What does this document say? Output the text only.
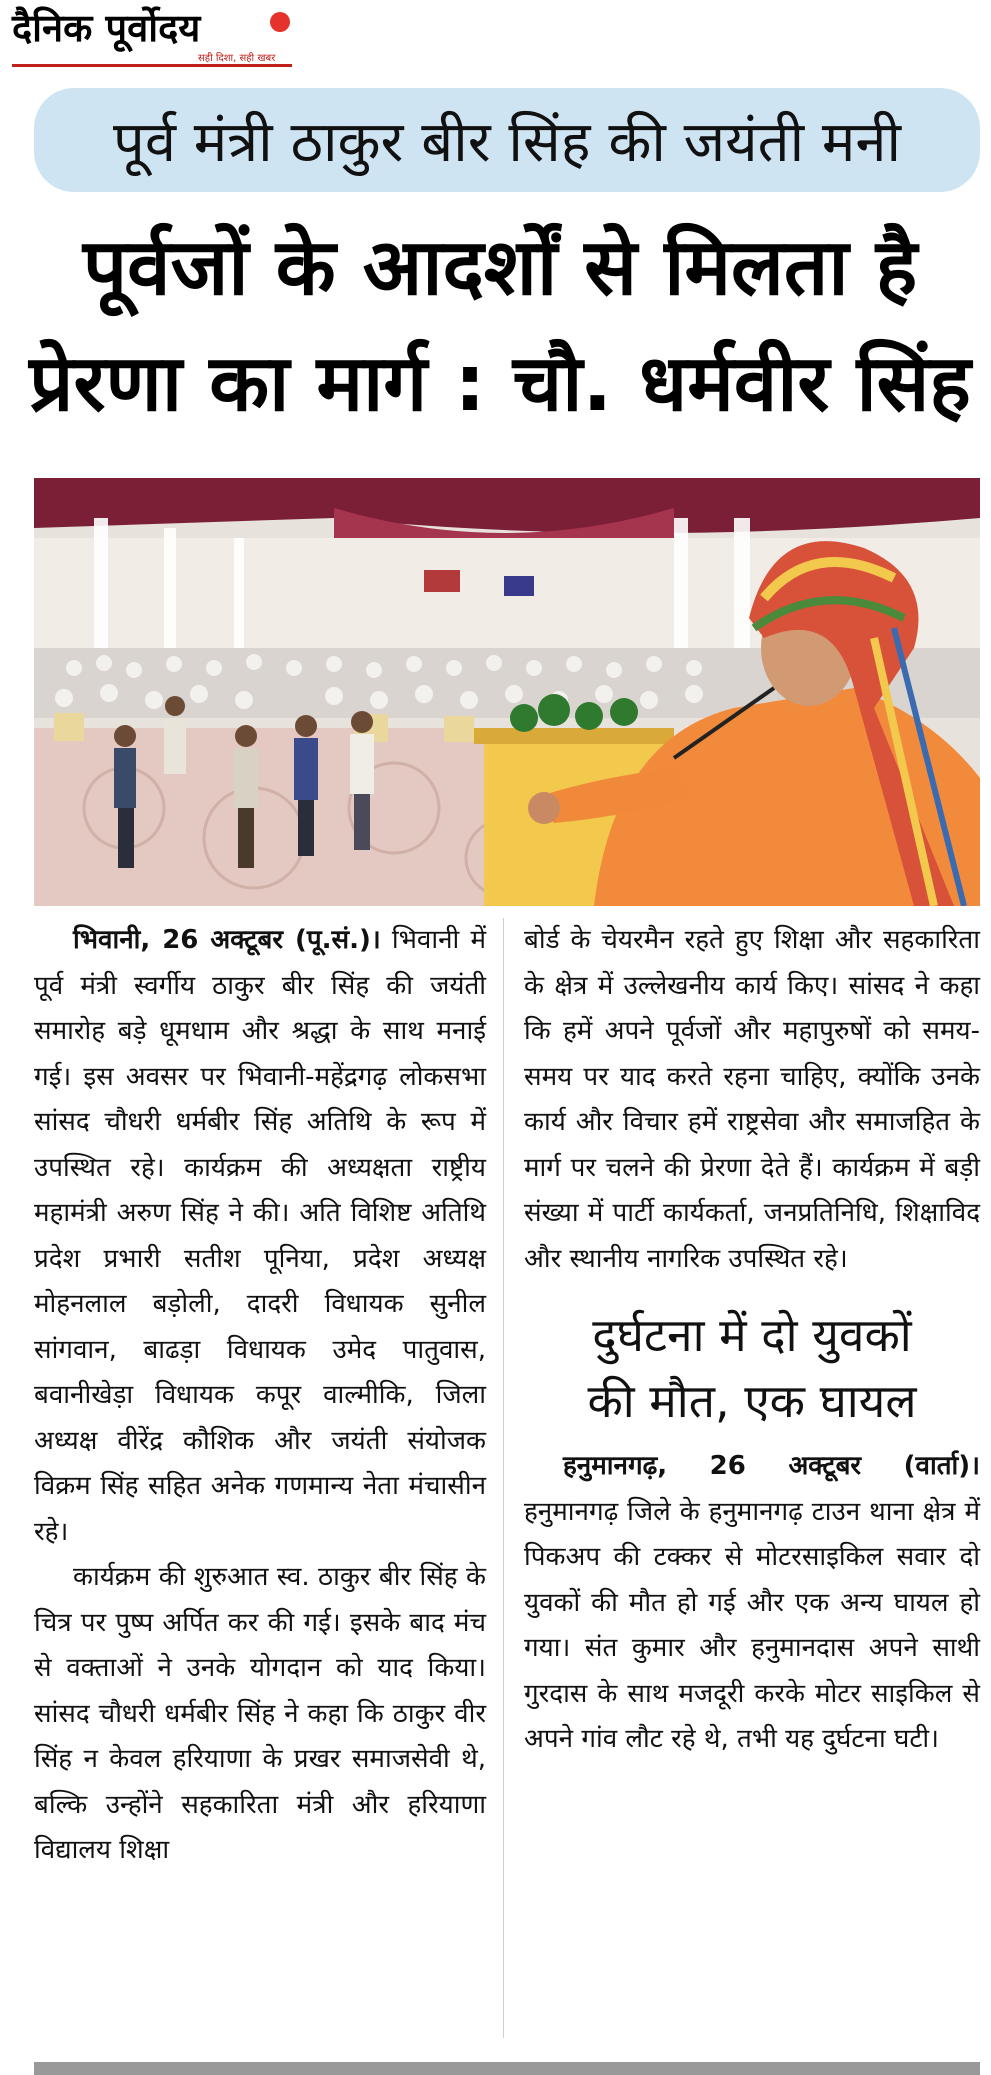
दैनिक पूर्वोदय
सही दिशा, सही खबर
पूर्व मंत्री ठाकुर बीर सिंह की जयंती मनी
पूर्वजों के आदर्शों से मिलता है
प्रेरणा का मार्ग : चौ. धर्मवीर सिंह

भिवानी, 26 अक्टूबर (पू.सं.)। भिवानी में पूर्व मंत्री स्वर्गीय ठाकुर बीर सिंह की जयंती समारोह बड़े धूमधाम और श्रद्धा के साथ मनाई गई। इस अवसर पर भिवानी-महेंद्रगढ़ लोकसभा सांसद चौधरी धर्मबीर सिंह अतिथि के रूप में उपस्थित रहे। कार्यक्रम की अध्यक्षता राष्ट्रीय महामंत्री अरुण सिंह ने की। अति विशिष्ट अतिथि प्रदेश प्रभारी सतीश पूनिया, प्रदेश अध्यक्ष मोहनलाल बड़ोली, दादरी विधायक सुनील सांगवान, बाढड़ा विधायक उमेद पातुवास, बवानीखेड़ा विधायक कपूर वाल्मीकि, जिला अध्यक्ष वीरेंद्र कौशिक और जयंती संयोजक विक्रम सिंह सहित अनेक गणमान्य नेता मंचासीन रहे।

कार्यक्रम की शुरुआत स्व. ठाकुर बीर सिंह के चित्र पर पुष्प अर्पित कर की गई। इसके बाद मंच से वक्ताओं ने उनके योगदान को याद किया। सांसद चौधरी धर्मबीर सिंह ने कहा कि ठाकुर वीर सिंह न केवल हरियाणा के प्रखर समाजसेवी थे, बल्कि उन्होंने सहकारिता मंत्री और हरियाणा विद्यालय शिक्षा

बोर्ड के चेयरमैन रहते हुए शिक्षा और सहकारिता के क्षेत्र में उल्लेखनीय कार्य किए। सांसद ने कहा कि हमें अपने पूर्वजों और महापुरुषों को समय-समय पर याद करते रहना चाहिए, क्योंकि उनके कार्य और विचार हमें राष्ट्रसेवा और समाजहित के मार्ग पर चलने की प्रेरणा देते हैं। कार्यक्रम में बड़ी संख्या में पार्टी कार्यकर्ता, जनप्रतिनिधि, शिक्षाविद और स्थानीय नागरिक उपस्थित रहे।

दुर्घटना में दो युवकों
की मौत, एक घायल

हनुमानगढ़, 26 अक्टूबर (वार्ता)। हनुमानगढ़ जिले के हनुमानगढ़ टाउन थाना क्षेत्र में पिकअप की टक्कर से मोटरसाइकिल सवार दो युवकों की मौत हो गई और एक अन्य घायल हो गया। संत कुमार और हनुमानदास अपने साथी गुरदास के साथ मजदूरी करके मोटर साइकिल से अपने गांव लौट रहे थे, तभी यह दुर्घटना घटी।
